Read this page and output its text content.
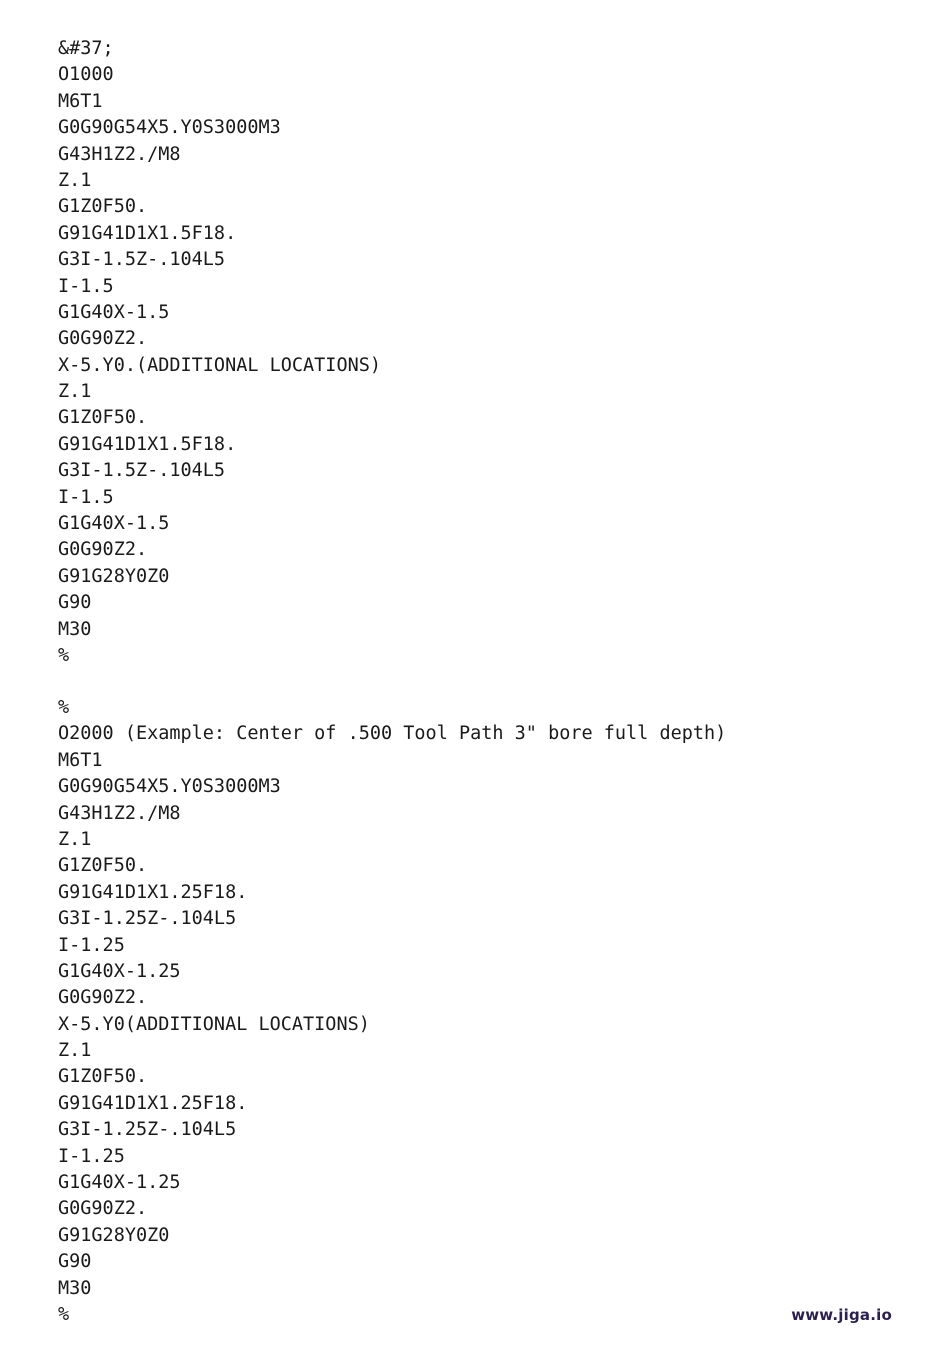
&#37;
O1000
M6T1
G0G90G54X5.Y0S3000M3
G43H1Z2./M8
Z.1
G1Z0F50.
G91G41D1X1.5F18.
G3I-1.5Z-.104L5
I-1.5
G1G40X-1.5
G0G90Z2.
X-5.Y0.(ADDITIONAL LOCATIONS)
Z.1
G1Z0F50.
G91G41D1X1.5F18.
G3I-1.5Z-.104L5
I-1.5
G1G40X-1.5
G0G90Z2.
G91G28Y0Z0
G90
M30
%
%
O2000 (Example: Center of .500 Tool Path 3" bore full depth)
M6T1
G0G90G54X5.Y0S3000M3
G43H1Z2./M8
Z.1
G1Z0F50.
G91G41D1X1.25F18.
G3I-1.25Z-.104L5
I-1.25
G1G40X-1.25
G0G90Z2.
X-5.Y0(ADDITIONAL LOCATIONS)
Z.1
G1Z0F50.
G91G41D1X1.25F18.
G3I-1.25Z-.104L5
I-1.25
G1G40X-1.25
G0G90Z2.
G91G28Y0Z0
G90
M30
%	www.jiga.io
